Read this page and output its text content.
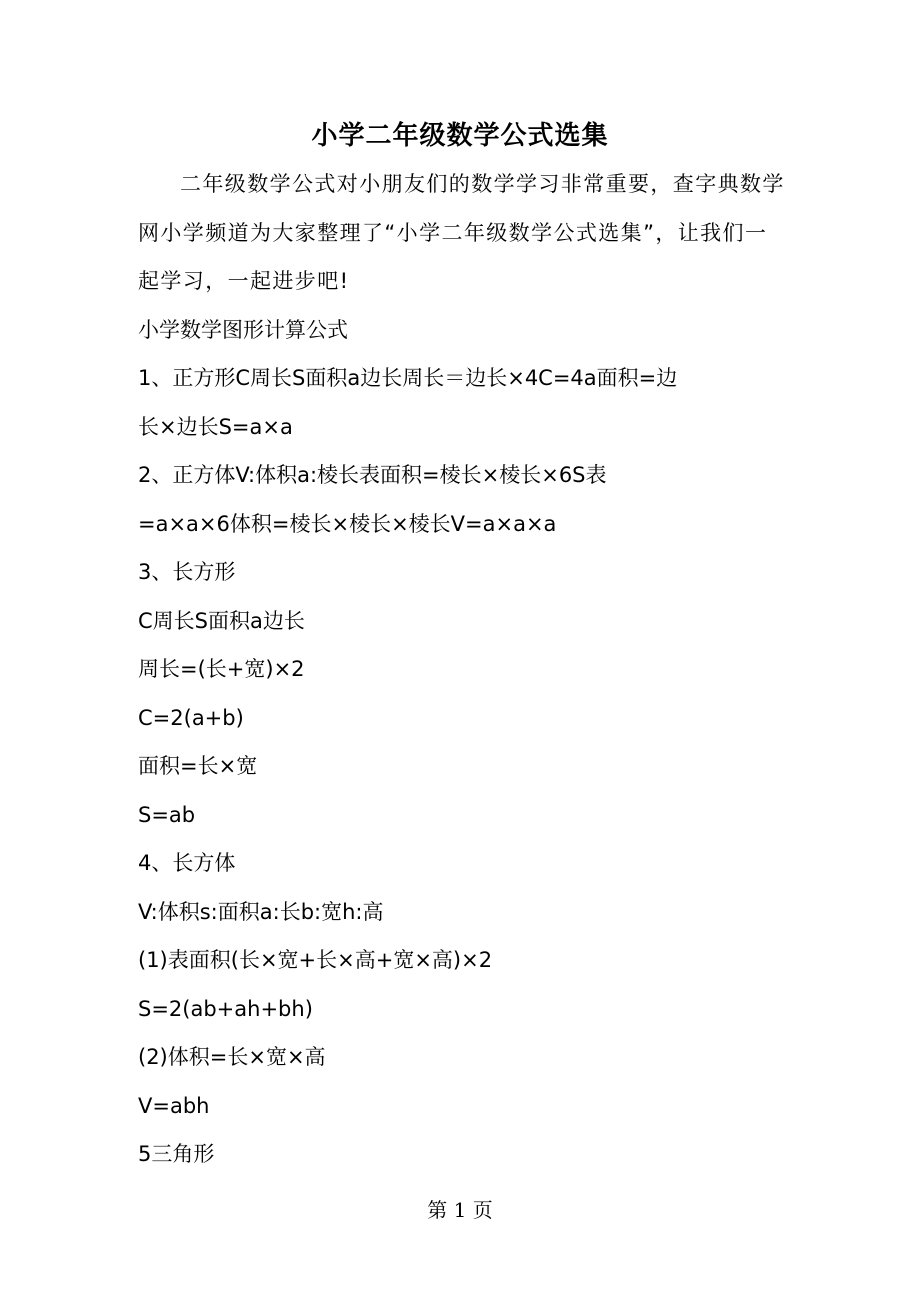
小学二年级数学公式选集

二年级数学公式对小朋友们的数学学习非常重要，查字典数学网小学频道为大家整理了“小学二年级数学公式选集”，让我们一起学习，一起进步吧!

小学数学图形计算公式

1、正方形C周长S面积a边长周长＝边长×4C=4a面积=边

长×边长S=a×a

2、正方体V:体积a:棱长表面积=棱长×棱长×6S表

=a×a×6体积=棱长×棱长×棱长V=a×a×a

3、长方形

C周长S面积a边长

周长=(长+宽)×2

C=2(a+b)

面积=长×宽

S=ab

4、长方体

V:体积s:面积a:长b:宽h:高

(1)表面积(长×宽+长×高+宽×高)×2

S=2(ab+ah+bh)

(2)体积=长×宽×高

V=abh

5三角形

第 1 页
